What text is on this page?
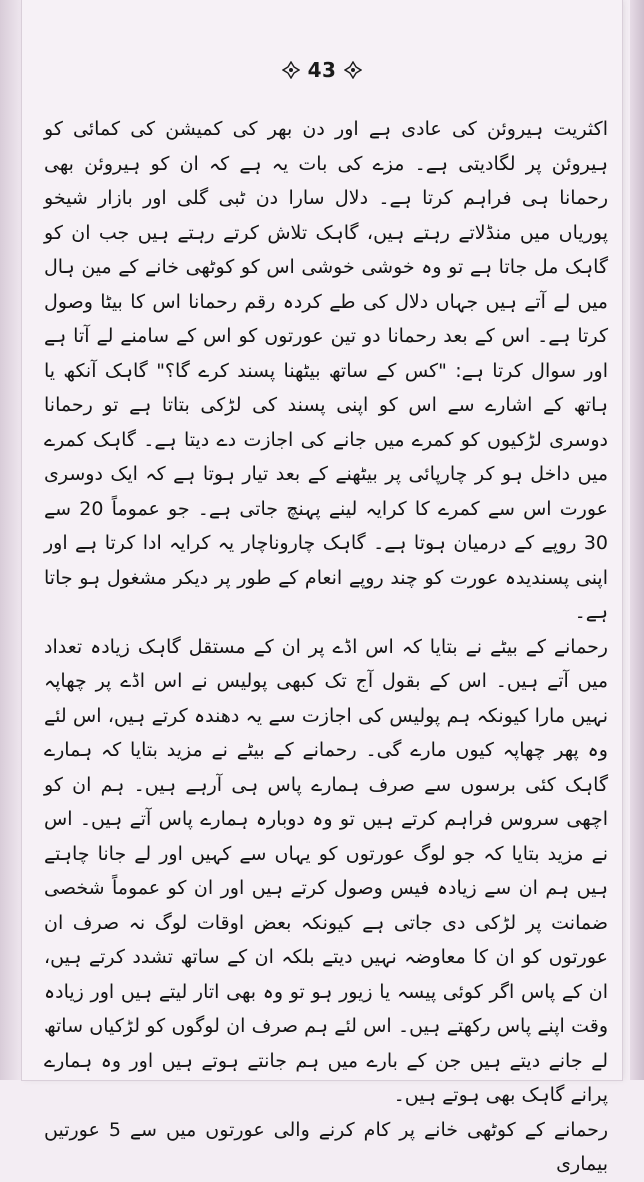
43

اکثریت ہیروئن کی عادی ہے اور دن بھر کی کمیشن کی کمائی کو ہیروئن پر لگادیتی ہے۔ مزے کی بات یہ ہے کہ ان کو ہیروئن بھی رحمانا ہی فراہم کرتا ہے۔ دلال سارا دن ٹبی گلی اور بازار شیخو پوریاں میں منڈلاتے رہتے ہیں، گاہک تلاش کرتے رہتے ہیں جب ان کو گاہک مل جاتا ہے تو وہ خوشی خوشی اس کو کوٹھی خانے کے مین ہال میں لے آتے ہیں جہاں دلال کی طے کردہ رقم رحمانا اس کا بیٹا وصول کرتا ہے۔ اس کے بعد رحمانا دو تین عورتوں کو اس کے سامنے لے آتا ہے اور سوال کرتا ہے: "کس کے ساتھ بیٹھنا پسند کرے گا؟" گاہک آنکھ یا ہاتھ کے اشارے سے اس کو اپنی پسند کی لڑکی بتاتا ہے تو رحمانا دوسری لڑکیوں کو کمرے میں جانے کی اجازت دے دیتا ہے۔ گاہک کمرے میں داخل ہو کر چارپائی پر بیٹھنے کے بعد تیار ہوتا ہے کہ ایک دوسری عورت اس سے کمرے کا کرایہ لینے پہنچ جاتی ہے۔ جو عموماً 20 سے 30 روپے کے درمیان ہوتا ہے۔ گاہک چاروناچار یہ کرایہ ادا کرتا ہے اور اپنی پسندیدہ عورت کو چند روپے انعام کے طور پر دیکر مشغول ہو جاتا ہے۔

رحمانے کے بیٹے نے بتایا کہ اس اڈے پر ان کے مستقل گاہک زیادہ تعداد میں آتے ہیں۔ اس کے بقول آج تک کبھی پولیس نے اس اڈے پر چھاپہ نہیں مارا کیونکہ ہم پولیس کی اجازت سے یہ دھندہ کرتے ہیں، اس لئے وہ پھر چھاپہ کیوں مارے گی۔ رحمانے کے بیٹے نے مزید بتایا کہ ہمارے گاہک کئی برسوں سے صرف ہمارے پاس ہی آرہے ہیں۔ ہم ان کو اچھی سروس فراہم کرتے ہیں تو وہ دوبارہ ہمارے پاس آتے ہیں۔ اس نے مزید بتایا کہ جو لوگ عورتوں کو یہاں سے کہیں اور لے جانا چاہتے ہیں ہم ان سے زیادہ فیس وصول کرتے ہیں اور ان کو عموماً شخصی ضمانت پر لڑکی دی جاتی ہے کیونکہ بعض اوقات لوگ نہ صرف ان عورتوں کو ان کا معاوضہ نہیں دیتے بلکہ ان کے ساتھ تشدد کرتے ہیں، ان کے پاس اگر کوئی پیسہ یا زیور ہو تو وہ بھی اتار لیتے ہیں اور زیادہ وقت اپنے پاس رکھتے ہیں۔ اس لئے ہم صرف ان لوگوں کو لڑکیاں ساتھ لے جانے دیتے ہیں جن کے بارے میں ہم جانتے ہوتے ہیں اور وہ ہمارے پرانے گاہک بھی ہوتے ہیں۔

رحمانے کے کوٹھی خانے پر کام کرنے والی عورتوں میں سے 5 عورتیں بیماری
